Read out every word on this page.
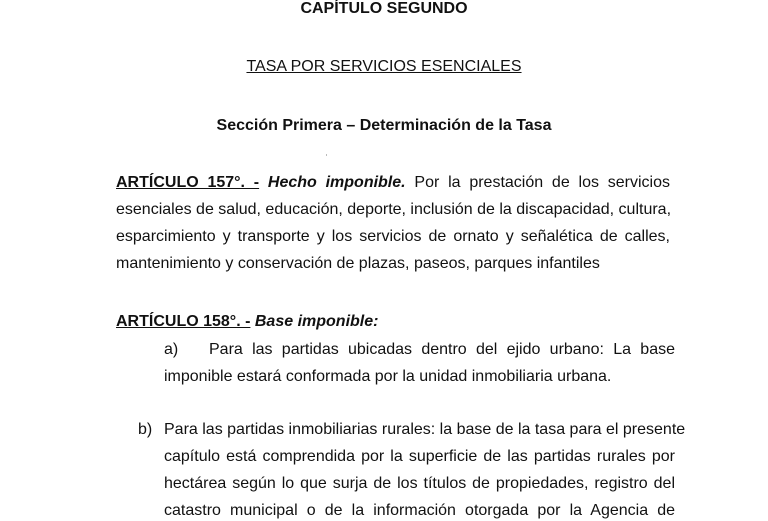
CAPÍTULO SEGUNDO
TASA POR SERVICIOS ESENCIALES
Sección Primera – Determinación de la Tasa
ARTÍCULO 157°. - Hecho imponible. Por la prestación de los servicios
esenciales de salud, educación, deporte, inclusión de la discapacidad, cultura,
esparcimiento y transporte y los servicios de ornato y señalética de calles,
mantenimiento y conservación de plazas, paseos, parques infantiles
ARTÍCULO 158°. - Base imponible:
a) Para las partidas ubicadas dentro del ejido urbano: La base
imponible estará conformada por la unidad inmobiliaria urbana.
b) Para las partidas inmobiliarias rurales: la base de la tasa para el presente
capítulo está comprendida por la superficie de las partidas rurales por
hectárea según lo que surja de los títulos de propiedades, registro del
catastro municipal o de la información otorgada por la Agencia de
